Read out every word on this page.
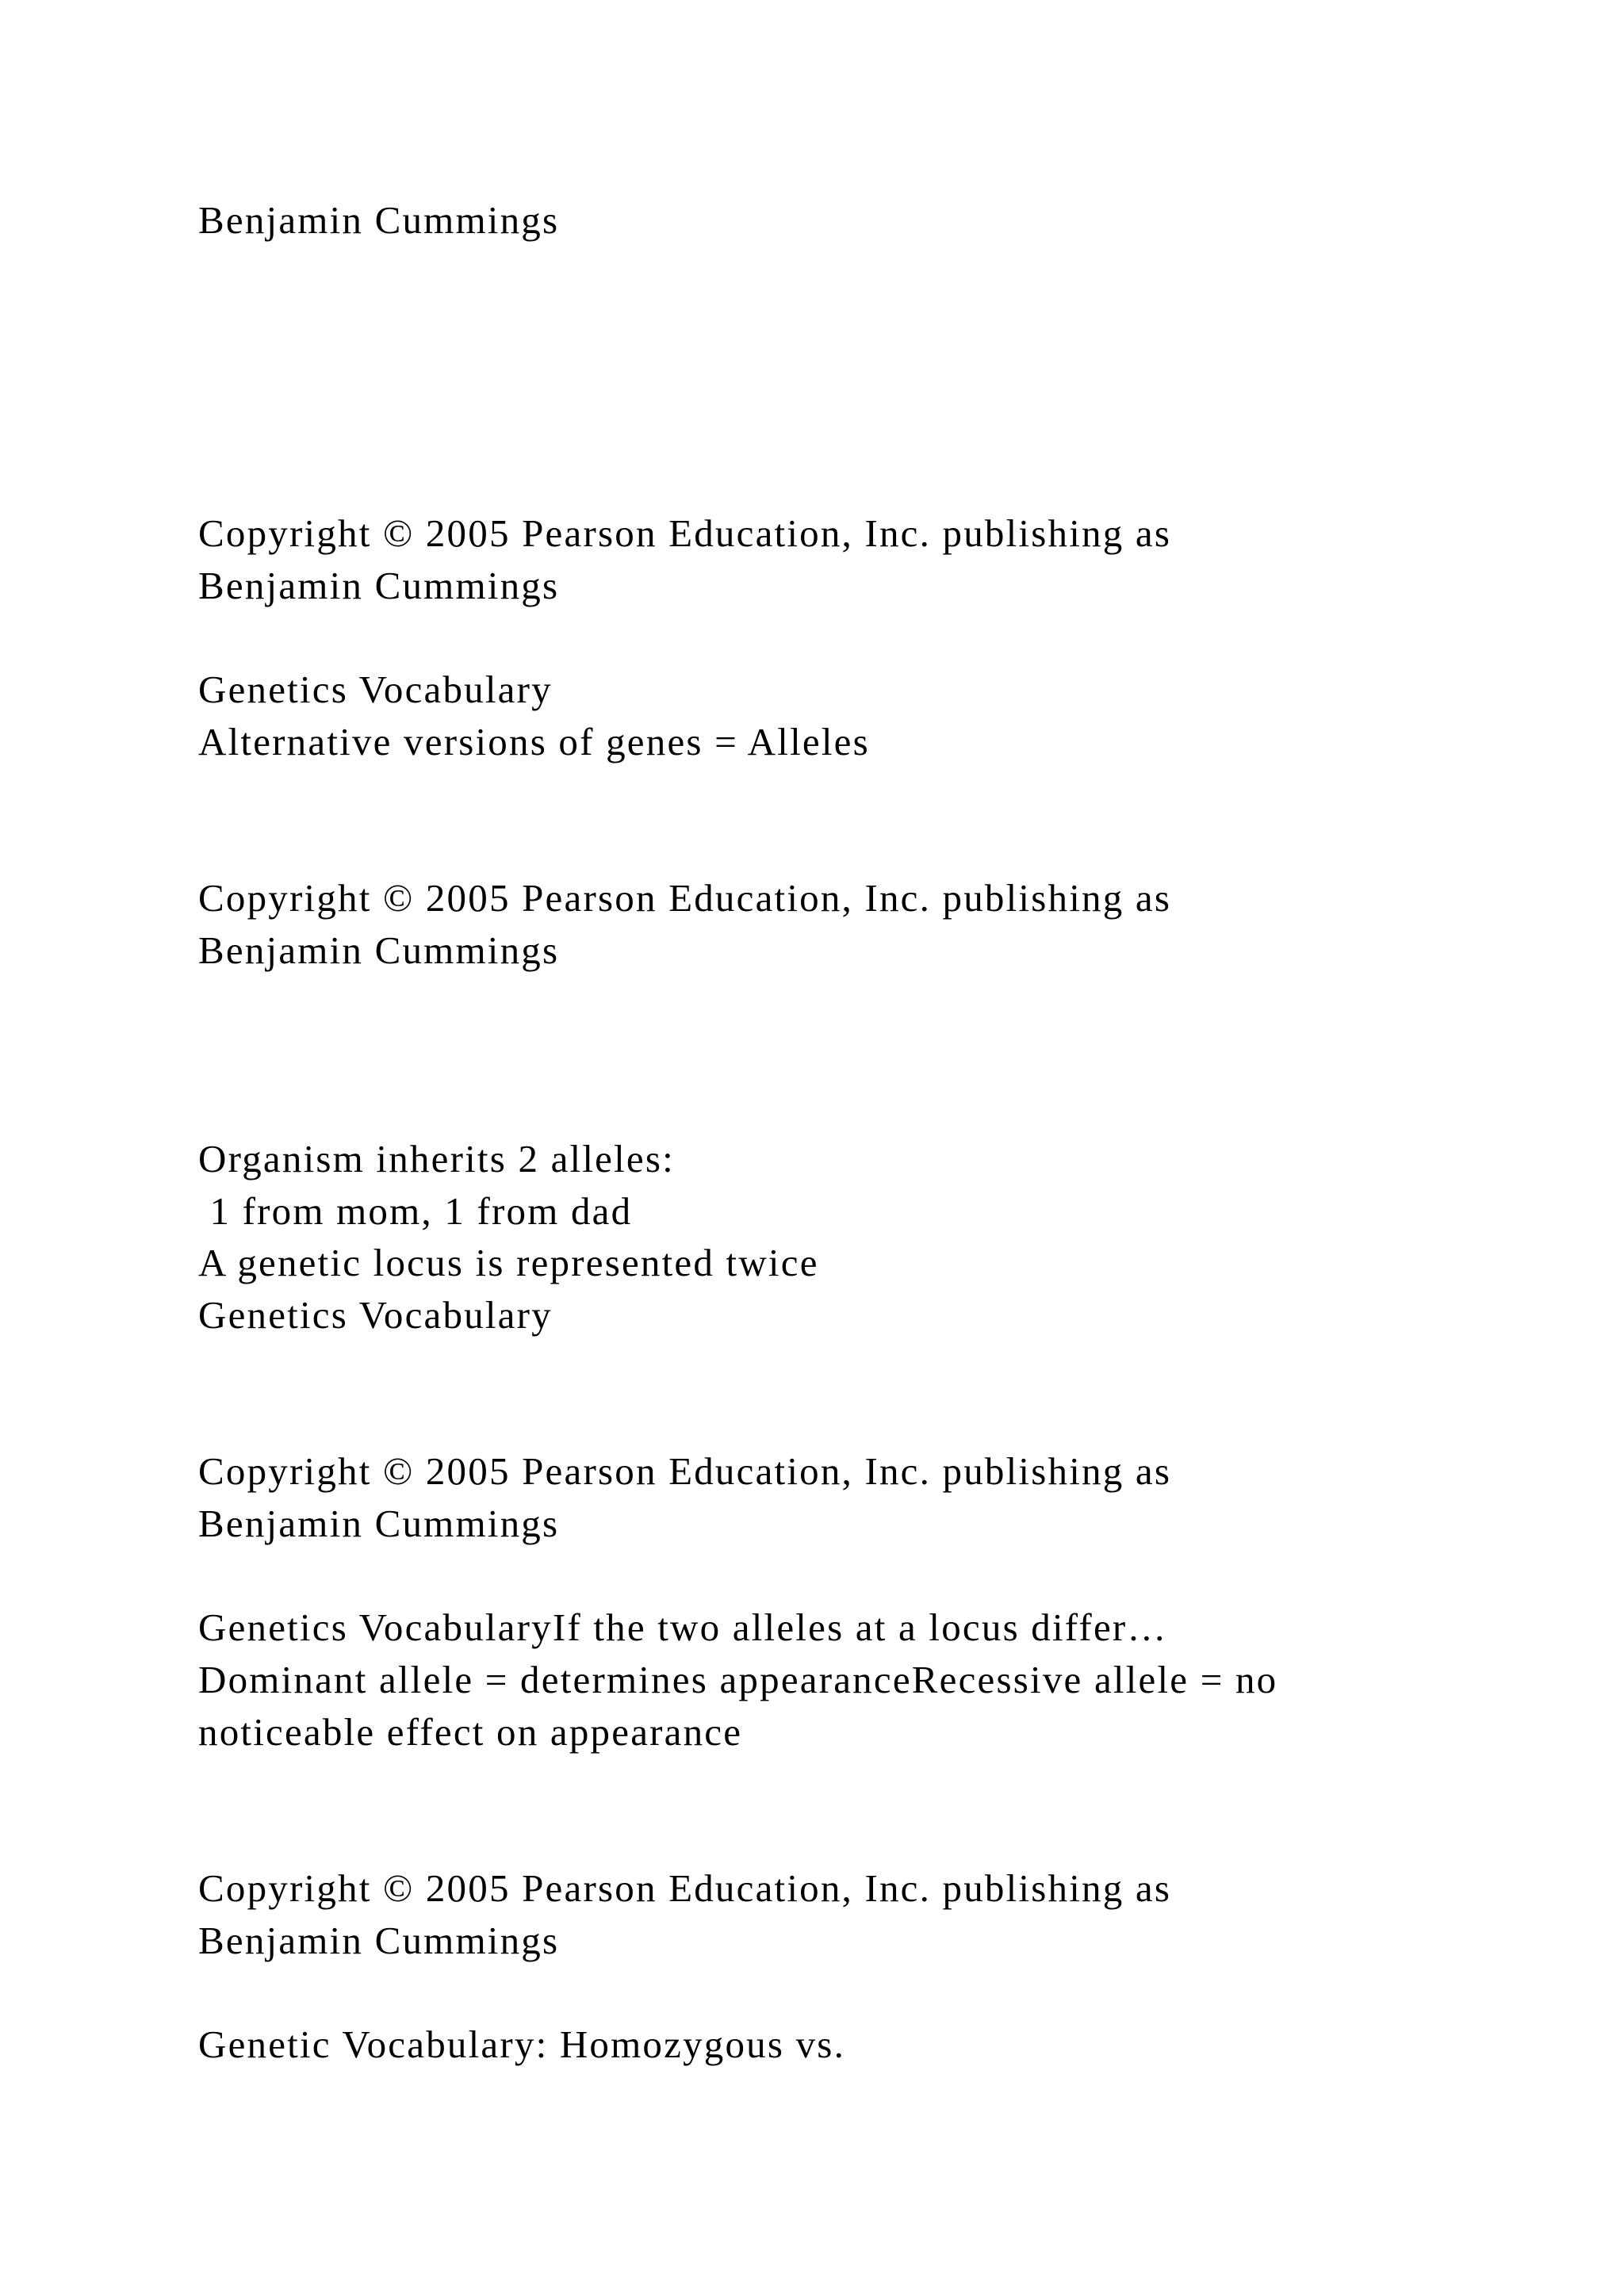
Benjamin Cummings
Copyright © 2005 Pearson Education, Inc. publishing as
Benjamin Cummings
Genetics Vocabulary
Alternative versions of genes = Alleles
Copyright © 2005 Pearson Education, Inc. publishing as
Benjamin Cummings
Organism inherits 2 alleles:
1 from mom, 1 from dad
A genetic locus is represented twice
Genetics Vocabulary
Copyright © 2005 Pearson Education, Inc. publishing as
Benjamin Cummings
Genetics VocabularyIf the two alleles at a locus differ…
Dominant allele = determines appearanceRecessive allele = no
noticeable effect on appearance
Copyright © 2005 Pearson Education, Inc. publishing as
Benjamin Cummings
Genetic Vocabulary: Homozygous vs.
